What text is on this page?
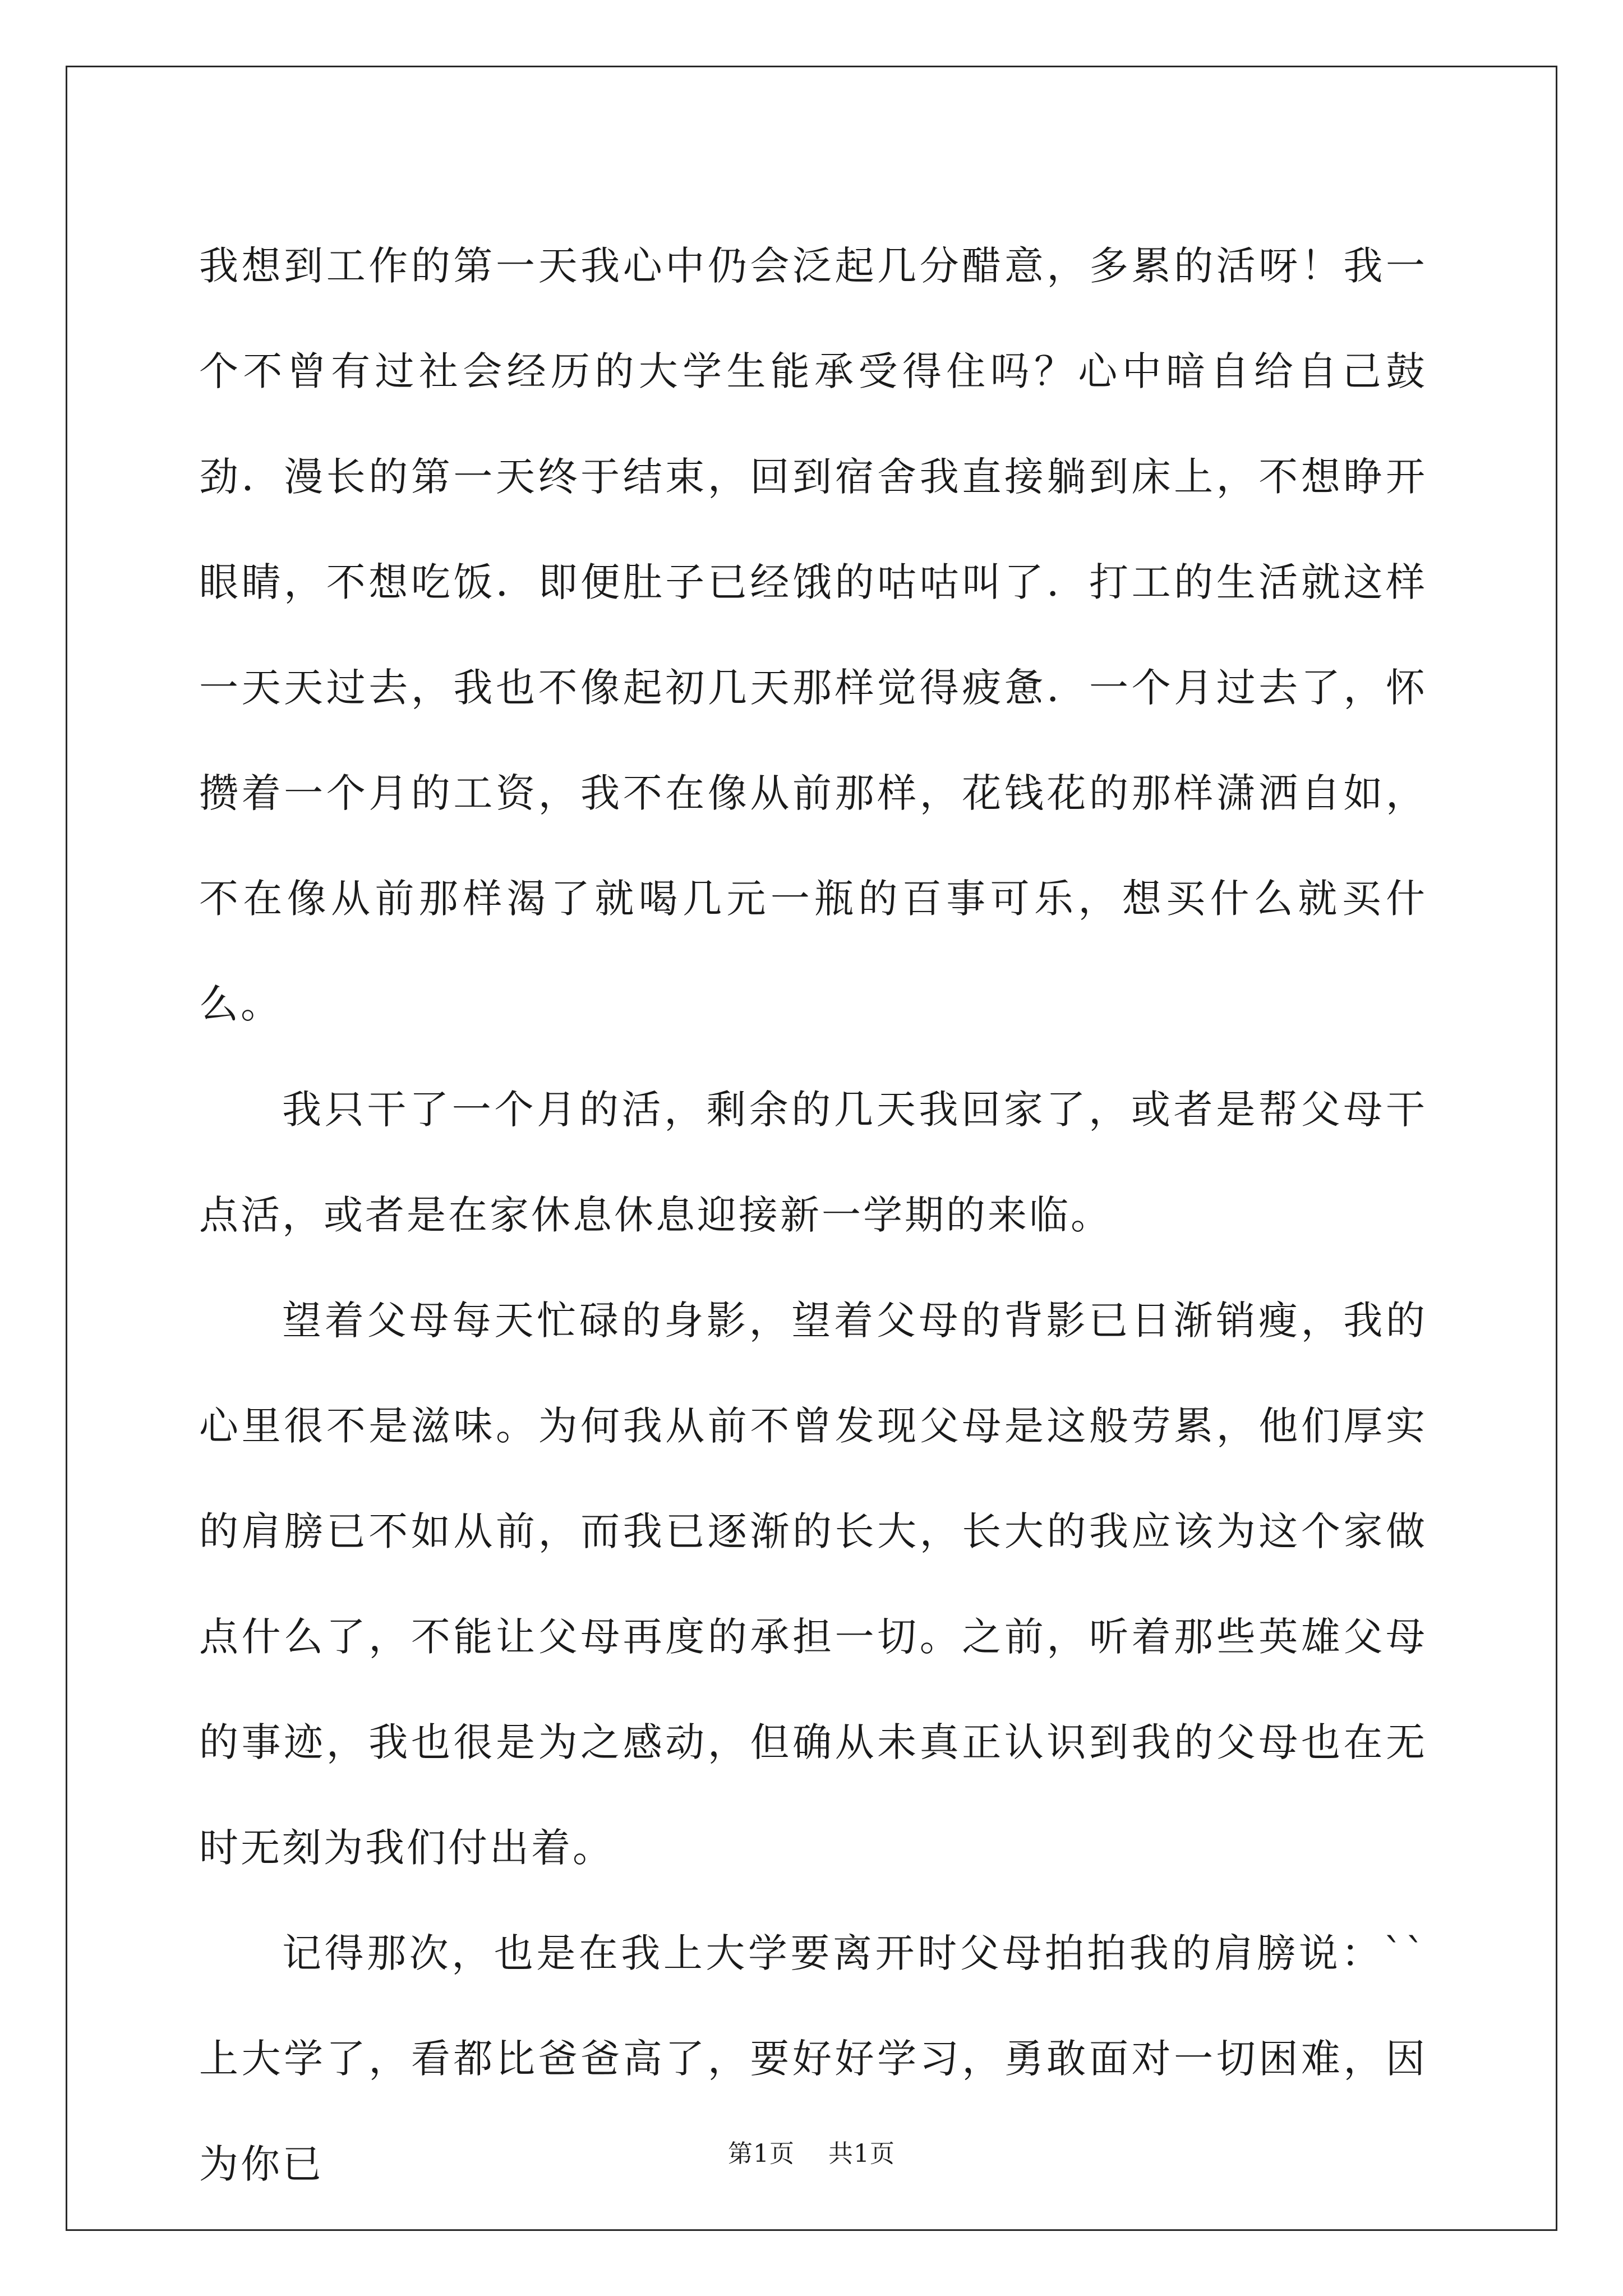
我想到工作的第一天我心中仍会泛起几分醋意，多累的活呀！我一个不曾有过社会经历的大学生能承受得住吗？心中暗自给自己鼓劲．漫长的第一天终于结束，回到宿舍我直接躺到床上，不想睁开眼睛，不想吃饭．即便肚子已经饿的咕咕叫了．打工的生活就这样一天天过去，我也不像起初几天那样觉得疲惫．一个月过去了，怀攒着一个月的工资，我不在像从前那样，花钱花的那样潇洒自如，不在像从前那样渴了就喝几元一瓶的百事可乐，想买什么就买什么。

我只干了一个月的活，剩余的几天我回家了，或者是帮父母干点活，或者是在家休息休息迎接新一学期的来临。

望着父母每天忙碌的身影，望着父母的背影已日渐销瘦，我的心里很不是滋味。为何我从前不曾发现父母是这般劳累，他们厚实的肩膀已不如从前，而我已逐渐的长大，长大的我应该为这个家做点什么了，不能让父母再度的承担一切。之前，听着那些英雄父母的事迹，我也很是为之感动，但确从未真正认识到我的父母也在无时无刻为我们付出着。

记得那次，也是在我上大学要离开时父母拍拍我的肩膀说：``上大学了，看都比爸爸高了，要好好学习，勇敢面对一切困难，因为你已	第1页 共1页
